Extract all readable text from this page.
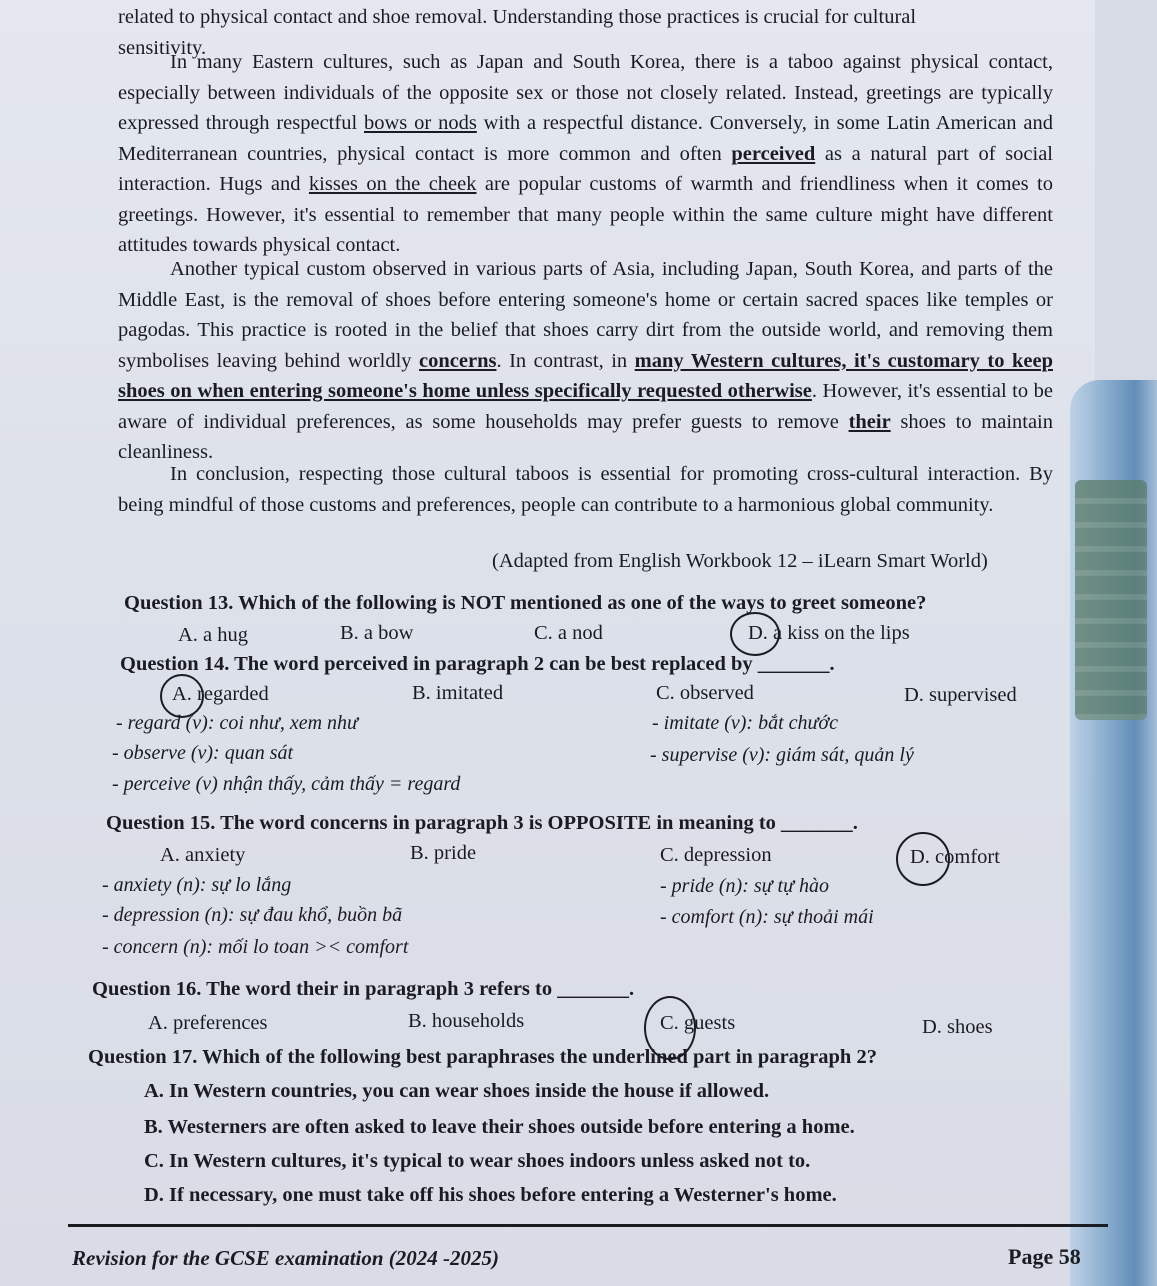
related to physical contact and shoe removal. Understanding those practices is crucial for cultural
sensitivity.
In many Eastern cultures, such as Japan and South Korea, there is a taboo against physical contact, especially between individuals of the opposite sex or those not closely related. Instead, greetings are typically expressed through respectful bows or nods with a respectful distance. Conversely, in some Latin American and Mediterranean countries, physical contact is more common and often perceived as a natural part of social interaction. Hugs and kisses on the cheek are popular customs of warmth and friendliness when it comes to greetings. However, it's essential to remember that many people within the same culture might have different attitudes towards physical contact.
Another typical custom observed in various parts of Asia, including Japan, South Korea, and parts of the Middle East, is the removal of shoes before entering someone's home or certain sacred spaces like temples or pagodas. This practice is rooted in the belief that shoes carry dirt from the outside world, and removing them symbolises leaving behind worldly concerns. In contrast, in many Western cultures, it's customary to keep shoes on when entering someone's home unless specifically requested otherwise. However, it's essential to be aware of individual preferences, as some households may prefer guests to remove their shoes to maintain cleanliness.
In conclusion, respecting those cultural taboos is essential for promoting cross-cultural interaction. By being mindful of those customs and preferences, people can contribute to a harmonious global community.
(Adapted from English Workbook 12 – iLearn Smart World)
Question 13. Which of the following is NOT mentioned as one of the ways to greet someone?
A. a hug	B. a bow	C. a nod	D. a kiss on the lips
Question 14. The word perceived in paragraph 2 can be best replaced by _______.
A. regarded	B. imitated	C. observed	D. supervised
- regard (v): coi như, xem như	- imitate (v): bắt chước
- observe (v): quan sát	- supervise (v): giám sát, quản lý
- perceive (v) nhận thấy, cảm thấy = regard
Question 15. The word concerns in paragraph 3 is OPPOSITE in meaning to _______.
A. anxiety	B. pride	C. depression	D. comfort
- anxiety (n): sự lo lắng	- pride (n): sự tự hào
- depression (n): sự đau khổ, buồn bã	- comfort (n): sự thoải mái
- concern (n): mối lo toan >< comfort
Question 16. The word their in paragraph 3 refers to _______.
A. preferences	B. households	C. guests	D. shoes
Question 17. Which of the following best paraphrases the underlined part in paragraph 2?
A. In Western countries, you can wear shoes inside the house if allowed.
B. Westerners are often asked to leave their shoes outside before entering a home.
C. In Western cultures, it's typical to wear shoes indoors unless asked not to.
D. If necessary, one must take off his shoes before entering a Westerner's home.
Revision for the GCSE examination (2024 -2025)	Page 58
